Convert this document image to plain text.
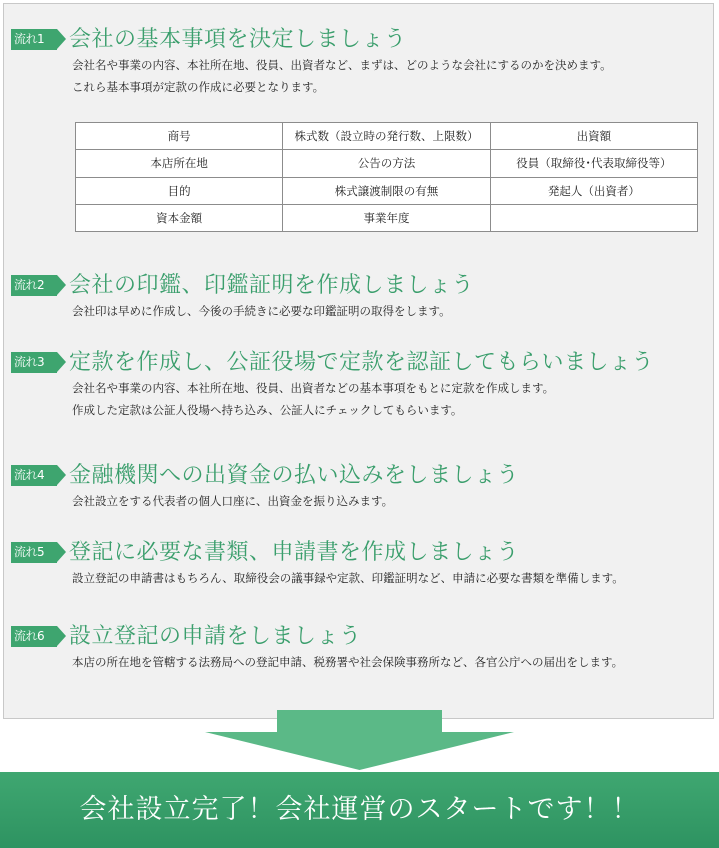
流れ1	会社の基本事項を決定しましょう

会社名や事業の内容、本社所在地、役員、出資者など、まずは、どのような会社にするのかを決めます。

これら基本事項が定款の作成に必要となります。

商号	株式数（設立時の発行数、上限数）	出資額
本店所在地	公告の方法	役員（取締役･代表取締役等）
目的	株式譲渡制限の有無	発起人（出資者）
資本金額	事業年度	
流れ2	会社の印鑑、印鑑証明を作成しましょう

会社印は早めに作成し、今後の手続きに必要な印鑑証明の取得をします。

流れ3	定款を作成し、公証役場で定款を認証してもらいましょう

会社名や事業の内容、本社所在地、役員、出資者などの基本事項をもとに定款を作成します。

作成した定款は公証人役場へ持ち込み、公証人にチェックしてもらいます。

流れ4	金融機関への出資金の払い込みをしましょう

会社設立をする代表者の個人口座に、出資金を振り込みます。

流れ5	登記に必要な書類、申請書を作成しましょう

設立登記の申請書はもちろん、取締役会の議事録や定款、印鑑証明など、申請に必要な書類を準備します。

流れ6	設立登記の申請をしましょう

本店の所在地を管轄する法務局への登記申請、税務署や社会保険事務所など、各官公庁への届出をします。

会社設立完了！会社運営のスタートです！！
